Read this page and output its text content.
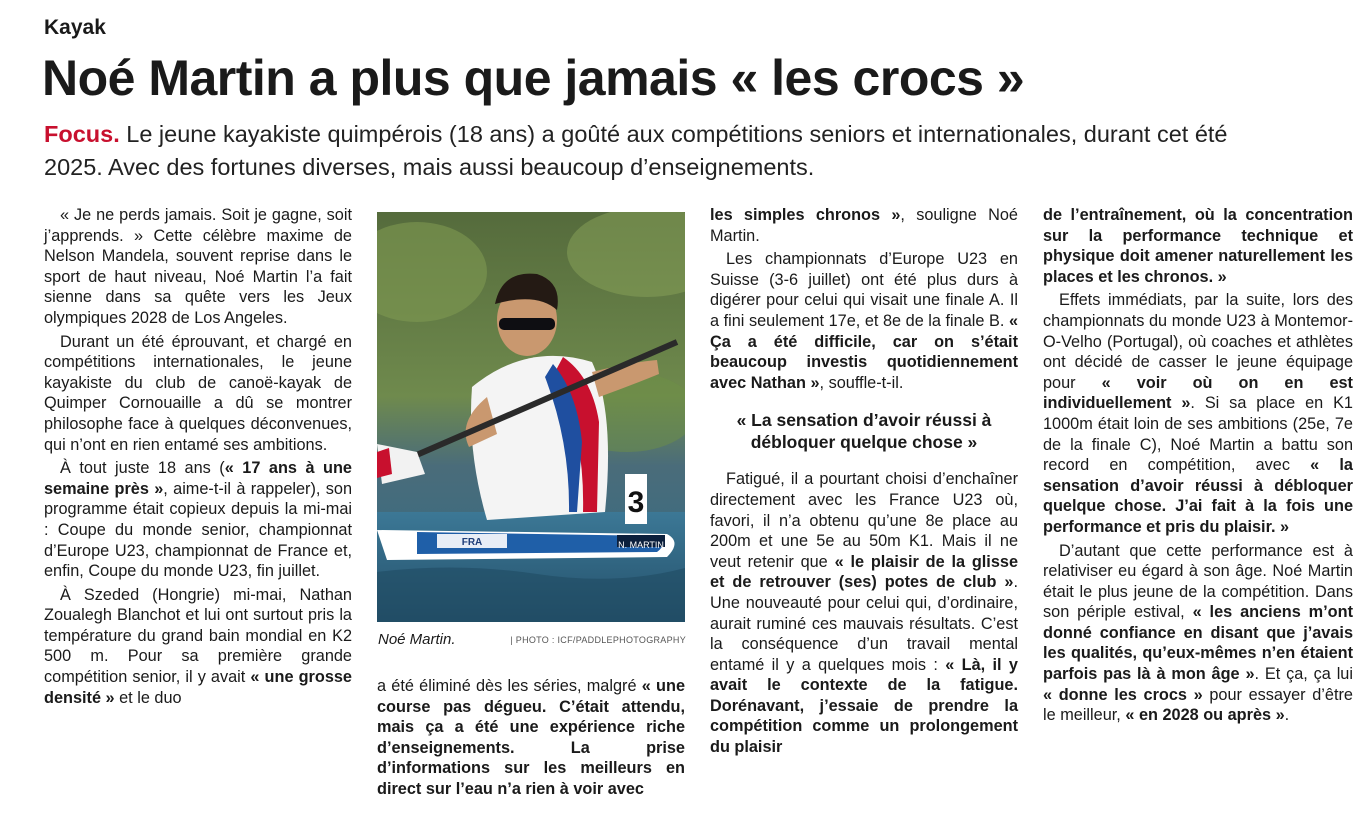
Kayak
Noé Martin a plus que jamais « les crocs »
Focus. Le jeune kayakiste quimpérois (18 ans) a goûté aux compétitions seniors et internationales, durant cet été 2025. Avec des fortunes diverses, mais aussi beaucoup d’enseignements.

« Je ne perds jamais. Soit je gagne, soit j’apprends. » Cette célèbre maxime de Nelson Mandela, souvent reprise dans le sport de haut niveau, Noé Martin l’a fait sienne dans sa quête vers les Jeux olympiques 2028 de Los Angeles.

Durant un été éprouvant, et chargé en compétitions internationales, le jeune kayakiste du club de canoë-kayak de Quimper Cornouaille a dû se montrer philosophe face à quelques déconvenues, qui n’ont en rien entamé ses ambitions.

À tout juste 18 ans (« 17 ans à une semaine près », aime-t-il à rappeler), son programme était copieux depuis la mi-mai : Coupe du monde senior, championnat d’Europe U23, championnat de France et, enfin, Coupe du monde U23, fin juillet.

À Szeded (Hongrie) mi-mai, Nathan Zoualegh Blanchot et lui ont surtout pris la température du grand bain mondial en K2 500 m. Pour sa première grande compétition senior, il y avait « une grosse densité » et le duo

3
N. MARTIN
FRA
Noé Martin.	| PHOTO : ICF/PADDLEPHOTOGRAPHY

a été éliminé dès les séries, malgré « une course pas dégueu. C’était attendu, mais ça a été une expérience riche d’enseignements. La prise d’informations sur les meilleurs en direct sur l’eau n’a rien à voir avec

les simples chronos », souligne Noé Martin.

Les championnats d’Europe U23 en Suisse (3-6 juillet) ont été plus durs à digérer pour celui qui visait une finale A. Il a fini seulement 17e, et 8e de la finale B. « Ça a été difficile, car on s’était beaucoup investis quotidiennement avec Nathan », souffle-t-il.

« La sensation d’avoir réussi à débloquer quelque chose »

Fatigué, il a pourtant choisi d’enchaîner directement avec les France U23 où, favori, il n’a obtenu qu’une 8e place au 200m et une 5e au 50m K1. Mais il ne veut retenir que « le plaisir de la glisse et de retrouver (ses) potes de club ». Une nouveauté pour celui qui, d’ordinaire, aurait ruminé ces mauvais résultats. C’est la conséquence d’un travail mental entamé il y a quelques mois : « Là, il y avait le contexte de la fatigue. Dorénavant, j’essaie de prendre la compétition comme un prolongement du plaisir

de l’entraînement, où la concentration sur la performance technique et physique doit amener naturellement les places et les chronos. »

Effets immédiats, par la suite, lors des championnats du monde U23 à Montemor-O-Velho (Portugal), où coaches et athlètes ont décidé de casser le jeune équipage pour « voir où on en est individuellement ». Si sa place en K1 1000m était loin de ses ambitions (25e, 7e de la finale C), Noé Martin a battu son record en compétition, avec « la sensation d’avoir réussi à débloquer quelque chose. J’ai fait à la fois une performance et pris du plaisir. »

D’autant que cette performance est à relativiser eu égard à son âge. Noé Martin était le plus jeune de la compétition. Dans son périple estival, « les anciens m’ont donné confiance en disant que j’avais les qualités, qu’eux-mêmes n’en étaient parfois pas là à mon âge ». Et ça, ça lui « donne les crocs » pour essayer d’être le meilleur, « en 2028 ou après ».
